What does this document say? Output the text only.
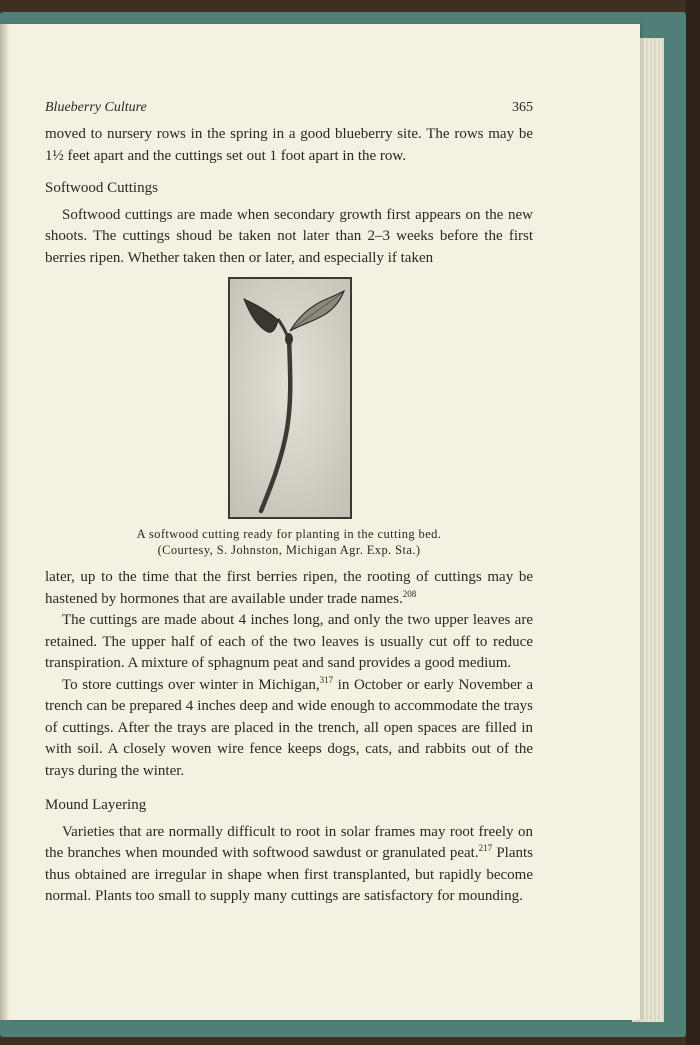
Blueberry Culture	365

moved to nursery rows in the spring in a good blueberry site. The rows may be 1½ feet apart and the cuttings set out 1 foot apart in the row.

Softwood Cuttings

Softwood cuttings are made when secondary growth first appears on the new shoots. The cuttings shoud be taken not later than 2–3 weeks before the first berries ripen. Whether taken then or later, and especially if taken

A softwood cutting ready for planting in the cutting bed.
(Courtesy, S. Johnston, Michigan Agr. Exp. Sta.)

later, up to the time that the first berries ripen, the rooting of cuttings may be hastened by hormones that are available under trade names.$^{208}$

The cuttings are made about 4 inches long, and only the two upper leaves are retained. The upper half of each of the two leaves is usually cut off to reduce transpiration. A mixture of sphagnum peat and sand provides a good medium.

To store cuttings over winter in Michigan,$^{317}$ in October or early November a trench can be prepared 4 inches deep and wide enough to accommodate the trays of cuttings. After the trays are placed in the trench, all open spaces are filled in with soil. A closely woven wire fence keeps dogs, cats, and rabbits out of the trays during the winter.

Mound Layering

Varieties that are normally difficult to root in solar frames may root freely on the branches when mounded with softwood sawdust or granulated peat.$^{217}$ Plants thus obtained are irregular in shape when first transplanted, but rapidly become normal. Plants too small to supply many cuttings are satisfactory for mounding.
